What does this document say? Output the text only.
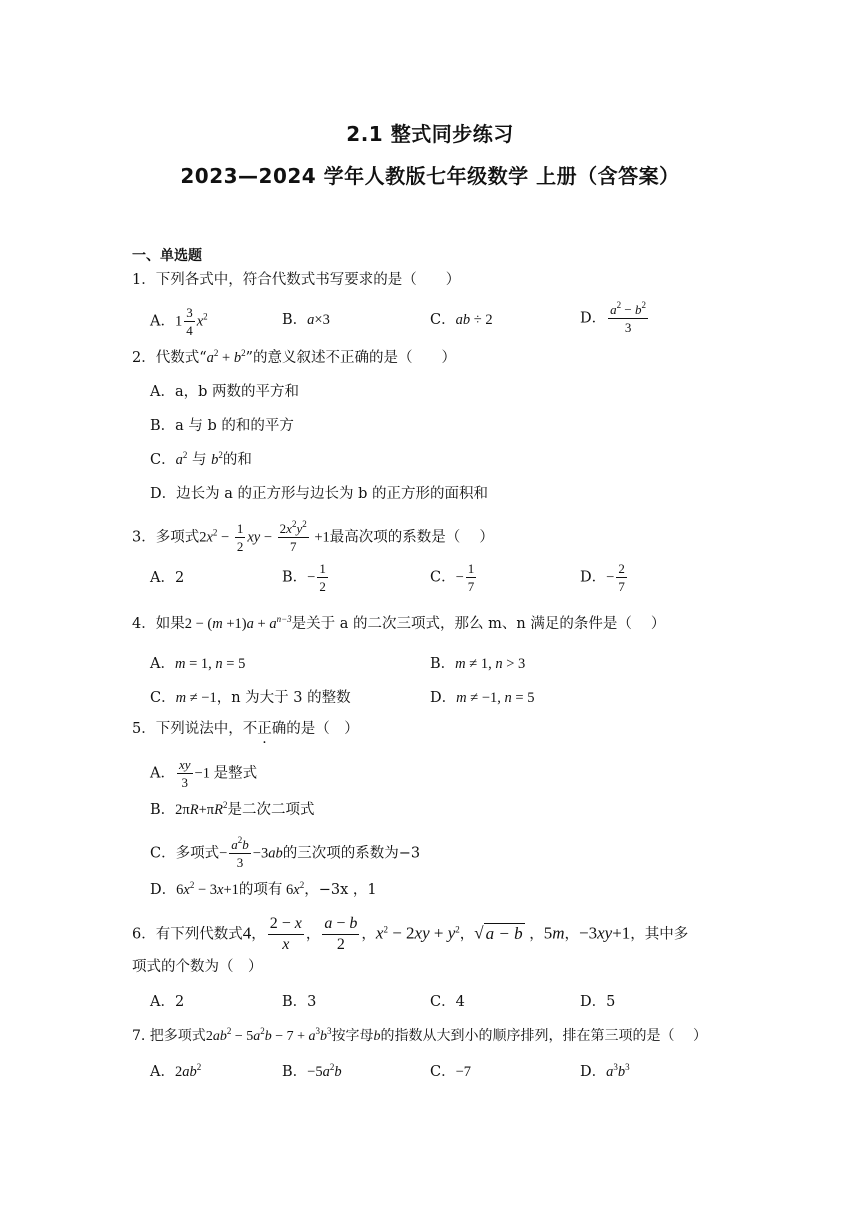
2.1 整式同步练习
2023—2024 学年人教版七年级数学 上册（含答案）
一、单选题
1．下列各式中，符合代数式书写要求的是（　　）
A．$1 \frac{3}{4} x^2$	B．a×3	C．ab ÷ 2	D． $\frac{a^2 - b^2}{3}$
2．代数式“$a^2 + b^2$”的意义叙述不正确的是（　　）
A．a，b 两数的平方和
B．a 与 b 的和的平方
C．$a^2$ 与 $b^2$的和
D．边长为 a 的正方形与边长为 b 的正方形的面积和
3．多项式$2x^2 - \frac{1}{2}$ xy − $\frac{2x^2y^2}{7} +1$最高次项的系数是（　 ）
A．2	B．− $\frac{1}{2}$	C．− $\frac{1}{7}$	D．− $\frac{2}{7}$
4．如果$2 - (m +1)a + a^{n-3}$是关于 a 的二次三项式，那么 m、n 满足的条件是（　 ）
A．m = 1, n = 5	B．m ≠ 1, n > 3
C．m ≠ −1，n 为大于 3 的整数	D．m ≠ −1, n = 5
5．下列说法中，不正确的是（　）
A． $\frac{xy}{3} -1$ 是整式
B．$2\pi R+\pi R^2$是二次二项式
C．多项式− $\frac{a^2b}{3} -3ab$的三次项的系数为−3
D．$6x^2 - 3x+1$的项有 $6x^2$，−3x ，1
6．有下列代数式4， $\frac{2 - x}{x}$ ， $\frac{a - b}{2}$ ，$x^2 - 2xy + y^2$，√ a − b ，5m，−3xy+1，其中多
项式的个数为（　）
A．2	B．3	C．4	D．5
7. 把多项式$2ab^2 - 5a^2b - 7 + a^3b^3$按字母b的指数从大到小的顺序排列，排在第三项的是（　 ）
A．$2ab^2$	B．$-5a^2b$	C．−7	D．$a^3b^3$
